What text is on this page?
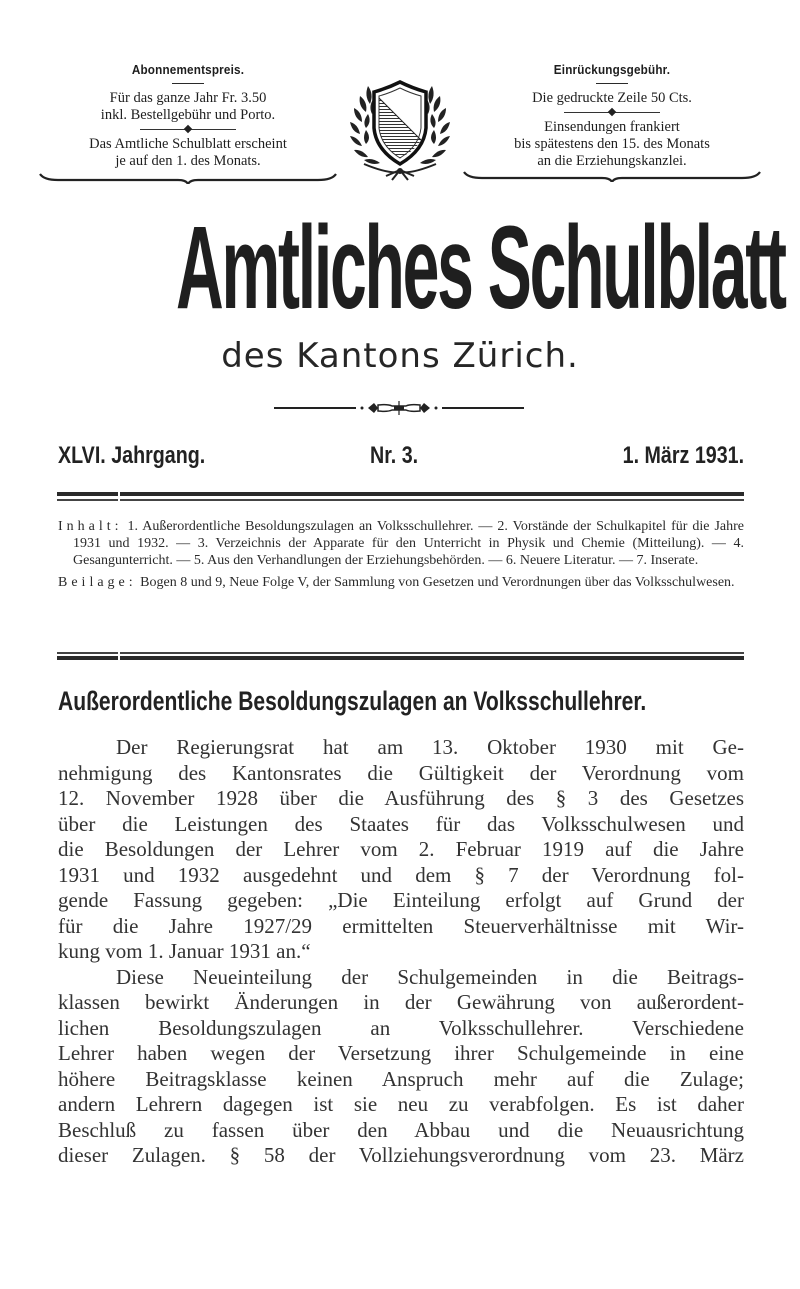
Abonnementspreis.
Für das ganze Jahr Fr. 3.50
inkl. Bestellgebühr und Porto.
Das Amtliche Schulblatt erscheint
je auf den 1. des Monats.
Einrückungsgebühr.
Die gedruckte Zeile 50 Cts.
Einsendungen frankiert
bis spätestens den 15. des Monats
an die Erziehungskanzlei.
Amtliches Schulblatt
des Kantons Zürich.
XLVI. Jahrgang.	Nr. 3.	1. März 1931.

Inhalt: 1. Außerordentliche Besoldungszulagen an Volksschullehrer. — 2. Vorstände der Schulkapitel für die Jahre 1931 und 1932. — 3. Verzeichnis der Apparate für den Unterricht in Physik und Chemie (Mitteilung). — 4. Gesangunterricht. — 5. Aus den Verhandlungen der Erziehungsbehörden. — 6. Neuere Literatur. — 7. Inserate.

Beilage: Bogen 8 und 9, Neue Folge V, der Sammlung von Gesetzen und Verordnungen über das Volksschulwesen.

Außerordentliche Besoldungszulagen an Volksschullehrer.

Der Regierungsrat hat am 13. Oktober 1930 mit Ge-
nehmigung des Kantonsrates die Gültigkeit der Verordnung vom
12. November 1928 über die Ausführung des § 3 des Gesetzes
über die Leistungen des Staates für das Volksschulwesen und
die Besoldungen der Lehrer vom 2. Februar 1919 auf die Jahre
1931 und 1932 ausgedehnt und dem § 7 der Verordnung fol-
gende Fassung gegeben: „Die Einteilung erfolgt auf Grund der
für die Jahre 1927/29 ermittelten Steuerverhältnisse mit Wir-
kung vom 1. Januar 1931 an.“

Diese Neueinteilung der Schulgemeinden in die Beitrags-
klassen bewirkt Änderungen in der Gewährung von außerordent-
lichen Besoldungszulagen an Volksschullehrer. Verschiedene
Lehrer haben wegen der Versetzung ihrer Schulgemeinde in eine
höhere Beitragsklasse keinen Anspruch mehr auf die Zulage;
andern Lehrern dagegen ist sie neu zu verabfolgen. Es ist daher
Beschluß zu fassen über den Abbau und die Neuausrichtung
dieser Zulagen. § 58 der Vollziehungsverordnung vom 23. März
